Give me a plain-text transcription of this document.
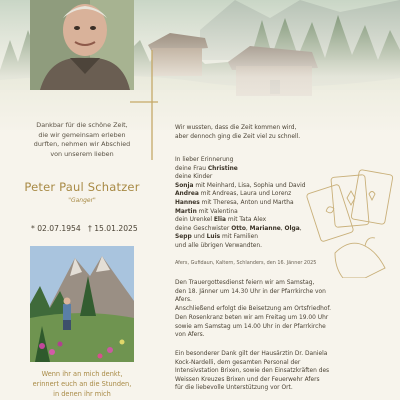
Dankbar für die schöne Zeit,
die wir gemeinsam erleben
durften, nehmen wir Abschied
von unserem lieben
Peter Paul Schatzer
"Ganger"
* 02.07.1954 † 15.01.2025
Wenn ihr an mich denkt,
erinnert euch an die Stunden,
in denen ihr mich
Wir wussten, dass die Zeit kommen wird,
aber dennoch ging die Zeit viel zu schnell.
In lieber Erinnerung
deine Frau Christine
deine Kinder
Sonja mit Meinhard, Lisa, Sophia und David
Andrea mit Andreas, Laura und Lorenz
Hannes mit Theresa, Anton und Martha
Martin mit Valentina
dein Urenkel Elia mit Tata Alex
deine Geschwister Otto, Marianne, Olga,
Sepp und Luis mit Familien
und alle übrigen Verwandten.
Afers, Gufidaun, Kaltern, Schlanders, den 16. Jänner 2025
Den Trauergottesdienst feiern wir am Samstag,
den 18. Jänner um 14.30 Uhr in der Pfarrkirche von Afers.
Anschließend erfolgt die Beisetzung am Ortsfriedhof.
Den Rosenkranz beten wir am Freitag um 19.00 Uhr
sowie am Samstag um 14.00 Uhr in der Pfarrkirche
von Afers.
Ein besonderer Dank gilt der Hausärztin Dr. Daniela
Kock-Nardelli, dem gesamten Personal der
Intensivstation Brixen, sowie den Einsatzkräften des
Weissen Kreuzes Brixen und der Feuerwehr Afers
für die liebevolle Unterstützung vor Ort.
